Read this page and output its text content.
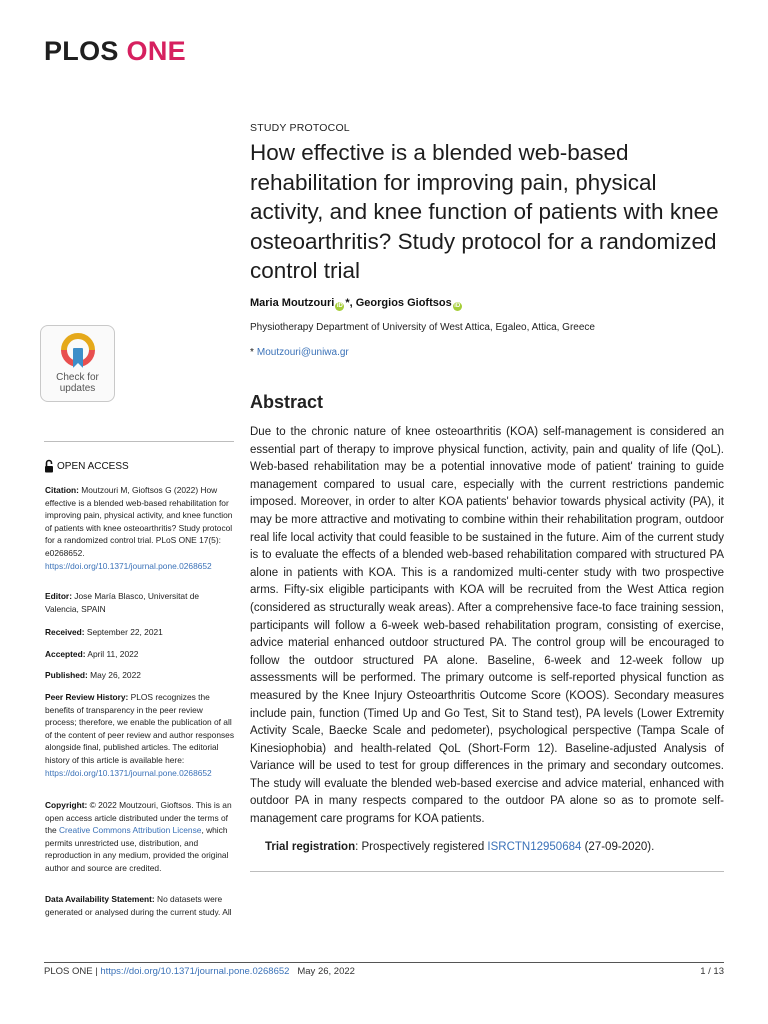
PLOS ONE
STUDY PROTOCOL
How effective is a blended web-based rehabilitation for improving pain, physical activity, and knee function of patients with knee osteoarthritis? Study protocol for a randomized control trial
Maria Moutzouri iD *, Georgios Gioftsos iD
Physiotherapy Department of University of West Attica, Egaleo, Attica, Greece
* Moutzouri@uniwa.gr
Check for
updates
OPEN ACCESS
Citation: Moutzouri M, Gioftsos G (2022) How effective is a blended web-based rehabilitation for improving pain, physical activity, and knee function of patients with knee osteoarthritis? Study protocol for a randomized control trial. PLoS ONE 17(5): e0268652. https://doi.org/10.1371/journal.pone.0268652
Editor: Jose María Blasco, Universitat de Valencia, SPAIN
Received: September 22, 2021
Accepted: April 11, 2022
Published: May 26, 2022
Peer Review History: PLOS recognizes the benefits of transparency in the peer review process; therefore, we enable the publication of all of the content of peer review and author responses alongside final, published articles. The editorial history of this article is available here: https://doi.org/10.1371/journal.pone.0268652
Copyright: © 2022 Moutzouri, Gioftsos. This is an open access article distributed under the terms of the Creative Commons Attribution License, which permits unrestricted use, distribution, and reproduction in any medium, provided the original author and source are credited.
Data Availability Statement: No datasets were generated or analysed during the current study. All
Abstract

Due to the chronic nature of knee osteoarthritis (KOA) self-management is considered an essential part of therapy to improve physical function, activity, pain and quality of life (QoL). Web-based rehabilitation may be a potential innovative mode of patient' training to guide management compared to usual care, especially with the current restrictions pandemic imposed. Moreover, in order to alter KOA patients' behavior towards physical activity (PA), it may be more attractive and motivating to combine within their rehabilitation program, outdoor real life local activity that could feasible to be sustained in the future. Aim of the current study is to evaluate the effects of a blended web-based rehabilitation compared with structured PA alone in patients with KOA. This is a randomized multi-center study with two prospective arms. Fifty-six eligible participants with KOA will be recruited from the West Attica region (considered as structurally weak areas). After a comprehensive face-to face training session, participants will follow a 6-week web-based rehabilitation program, consisting of exercise, advice material enhanced outdoor structured PA. The control group will be encouraged to follow the outdoor structured PA alone. Baseline, 6-week and 12-week follow up assessments will be performed. The primary outcome is self-reported physical function as measured by the Knee Injury Osteoarthritis Outcome Score (KOOS). Secondary measures include pain, function (Timed Up and Go Test, Sit to Stand test), PA levels (Lower Extremity Activity Scale, Baecke Scale and pedometer), psychological perspective (Tampa Scale of Kinesiophobia) and health-related QoL (Short-Form 12). Baseline-adjusted Analysis of Variance will be used to test for group differences in the primary and secondary outcomes. The study will evaluate the blended web-based exercise and advice material, enhanced with outdoor PA in many respects compared to the outdoor PA alone so as to promote self-management care programs for KOA patients.

Trial registration: Prospectively registered ISRCTN12950684 (27-09-2020).
PLOS ONE | https://doi.org/10.1371/journal.pone.0268652 May 26, 2022	1 / 13
